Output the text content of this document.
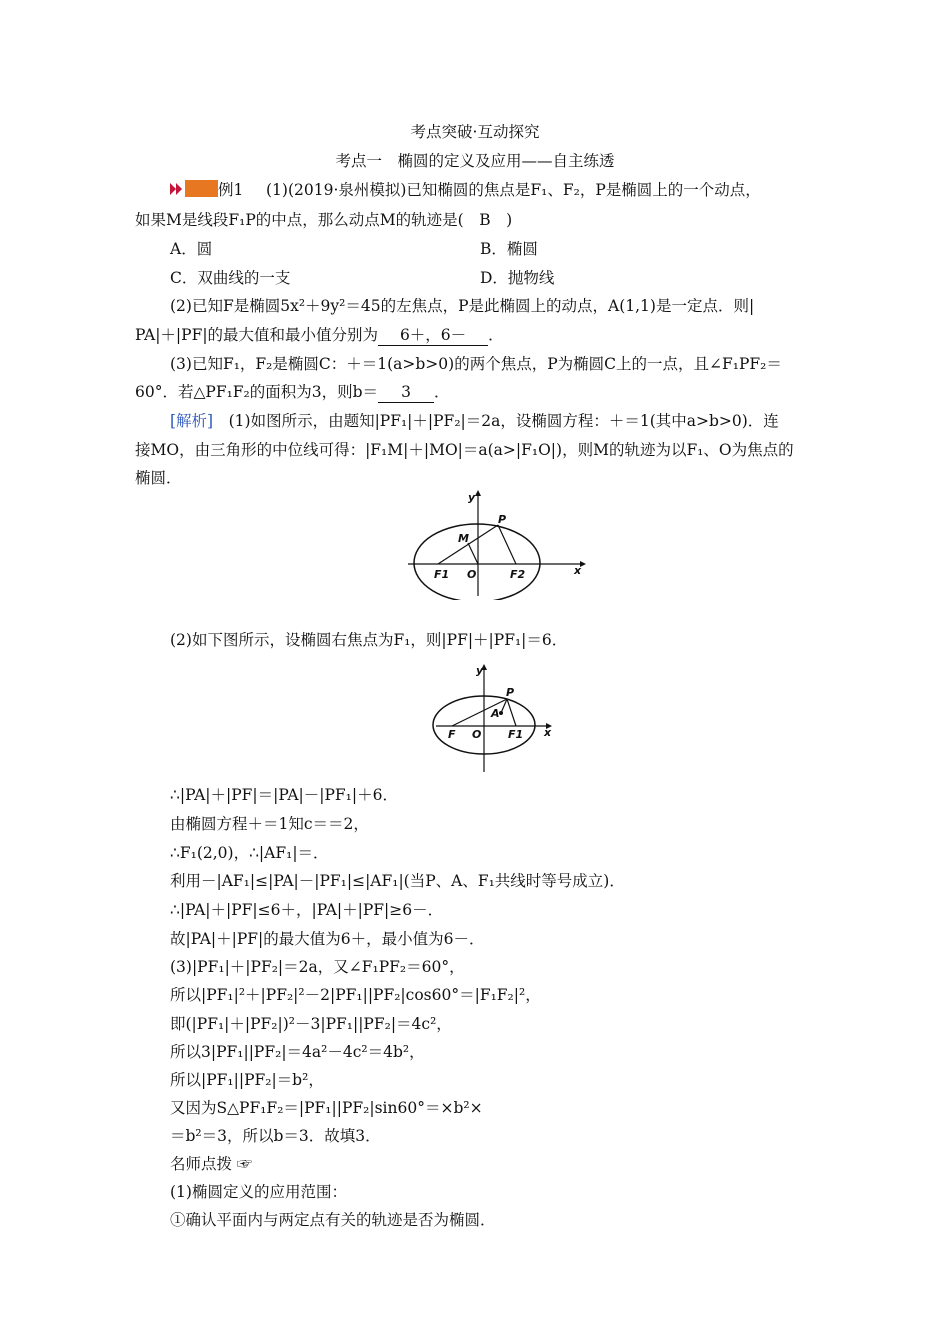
考点突破·互动探究
考点一　椭圆的定义及应用——自主练透
例1 (1)(2019·泉州模拟)已知椭圆的焦点是F₁、F₂，P是椭圆上的一个动点，
如果M是线段F₁P的中点，那么动点M的轨迹是(　B　)
A．圆	B．椭圆
C．双曲线的一支	D．抛物线
(2)已知F是椭圆5x²＋9y²＝45的左焦点，P是此椭圆上的动点，A(1,1)是一定点．则|
PA|＋|PF|的最大值和最小值分别为 6＋，6－ ．
(3)已知F₁，F₂是椭圆C：＋＝1(a>b>0)的两个焦点，P为椭圆C上的一点，且∠F₁PF₂＝
60°．若△PF₁F₂的面积为3，则b＝ 3 ．
[解析]　(1)如图所示，由题知|PF₁|＋|PF₂|＝2a，设椭圆方程：＋＝1(其中a>b>0)．连
接MO，由三角形的中位线可得：|F₁M|＋|MO|＝a(a>|F₁O|)，则M的轨迹为以F₁、O为焦点的
椭圆．
y
P
M
F1 O	F2	x
(2)如下图所示，设椭圆右焦点为F₁，则|PF|＋|PF₁|＝6．
y
P
A
F O F1 x
∴|PA|＋|PF|＝|PA|－|PF₁|＋6．
由椭圆方程＋＝1知c＝＝2，
∴F₁(2,0)，∴|AF₁|＝．
利用－|AF₁|≤|PA|－|PF₁|≤|AF₁|(当P、A、F₁共线时等号成立)．
∴|PA|＋|PF|≤6＋，|PA|＋|PF|≥6－．
故|PA|＋|PF|的最大值为6＋，最小值为6－．
(3)|PF₁|＋|PF₂|＝2a，又∠F₁PF₂＝60°，
所以|PF₁|²＋|PF₂|²－2|PF₁||PF₂|cos60°＝|F₁F₂|²，
即(|PF₁|＋|PF₂|)²－3|PF₁||PF₂|＝4c²，
所以3|PF₁||PF₂|＝4a²－4c²＝4b²，
所以|PF₁||PF₂|＝b²，
又因为S△PF₁F₂＝|PF₁||PF₂|sin60°＝×b²×
＝b²＝3，所以b＝3．故填3．
名师点拨 ☞
(1)椭圆定义的应用范围：
①确认平面内与两定点有关的轨迹是否为椭圆．
